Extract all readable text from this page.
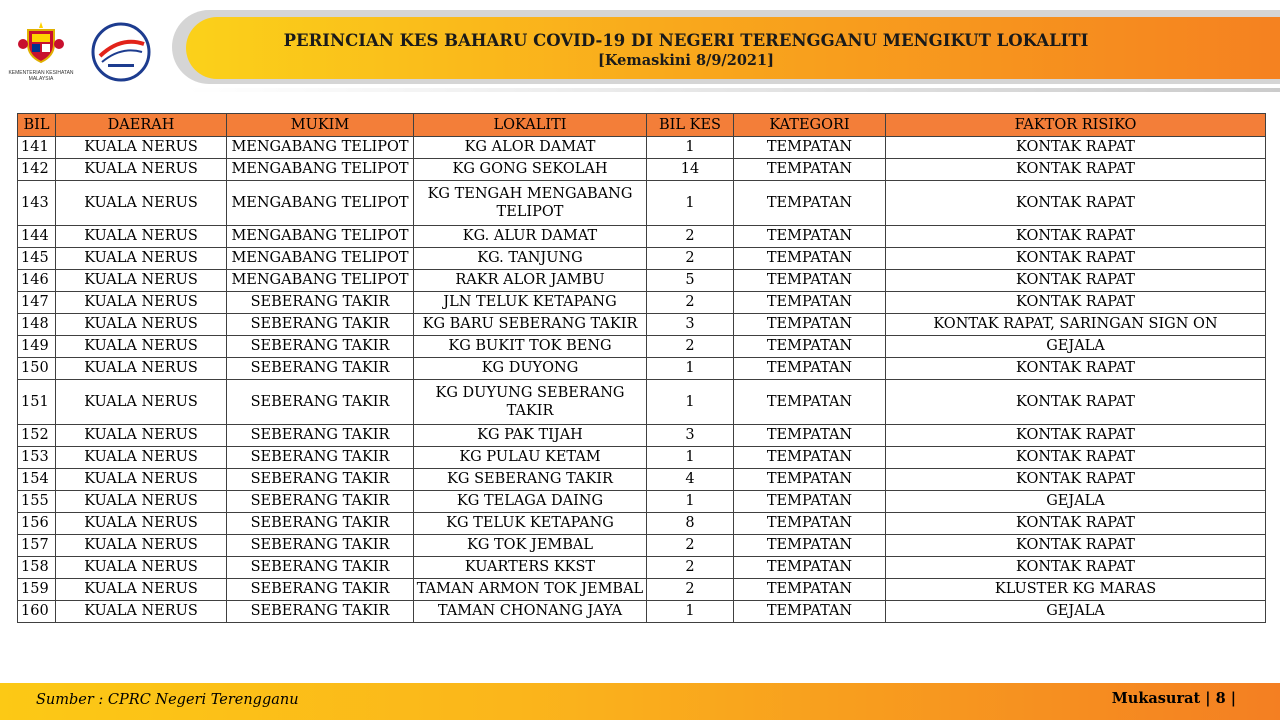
KEMENTERIAN KESIHATAN MALAYSIA
PERINCIAN KES BAHARU COVID-19 DI NEGERI TERENGGANU MENGIKUT LOKALITI
[Kemaskini 8/9/2021]
BIL	DAERAH	MUKIM	LOKALITI	BIL KES	KATEGORI	FAKTOR RISIKO
141	KUALA NERUS	MENGABANG TELIPOT	KG ALOR DAMAT	1	TEMPATAN	KONTAK RAPAT
142	KUALA NERUS	MENGABANG TELIPOT	KG GONG SEKOLAH	14	TEMPATAN	KONTAK RAPAT
143	KUALA NERUS	MENGABANG TELIPOT	KG TENGAH MENGABANG TELIPOT	1	TEMPATAN	KONTAK RAPAT
144	KUALA NERUS	MENGABANG TELIPOT	KG. ALUR DAMAT	2	TEMPATAN	KONTAK RAPAT
145	KUALA NERUS	MENGABANG TELIPOT	KG. TANJUNG	2	TEMPATAN	KONTAK RAPAT
146	KUALA NERUS	MENGABANG TELIPOT	RAKR ALOR JAMBU	5	TEMPATAN	KONTAK RAPAT
147	KUALA NERUS	SEBERANG TAKIR	JLN TELUK KETAPANG	2	TEMPATAN	KONTAK RAPAT
148	KUALA NERUS	SEBERANG TAKIR	KG BARU SEBERANG TAKIR	3	TEMPATAN	KONTAK RAPAT, SARINGAN SIGN ON
149	KUALA NERUS	SEBERANG TAKIR	KG BUKIT TOK BENG	2	TEMPATAN	GEJALA
150	KUALA NERUS	SEBERANG TAKIR	KG DUYONG	1	TEMPATAN	KONTAK RAPAT
151	KUALA NERUS	SEBERANG TAKIR	KG DUYUNG SEBERANG TAKIR	1	TEMPATAN	KONTAK RAPAT
152	KUALA NERUS	SEBERANG TAKIR	KG PAK TIJAH	3	TEMPATAN	KONTAK RAPAT
153	KUALA NERUS	SEBERANG TAKIR	KG PULAU KETAM	1	TEMPATAN	KONTAK RAPAT
154	KUALA NERUS	SEBERANG TAKIR	KG SEBERANG TAKIR	4	TEMPATAN	KONTAK RAPAT
155	KUALA NERUS	SEBERANG TAKIR	KG TELAGA DAING	1	TEMPATAN	GEJALA
156	KUALA NERUS	SEBERANG TAKIR	KG TELUK KETAPANG	8	TEMPATAN	KONTAK RAPAT
157	KUALA NERUS	SEBERANG TAKIR	KG TOK JEMBAL	2	TEMPATAN	KONTAK RAPAT
158	KUALA NERUS	SEBERANG TAKIR	KUARTERS KKST	2	TEMPATAN	KONTAK RAPAT
159	KUALA NERUS	SEBERANG TAKIR	TAMAN ARMON TOK JEMBAL	2	TEMPATAN	KLUSTER KG MARAS
160	KUALA NERUS	SEBERANG TAKIR	TAMAN CHONANG JAYA	1	TEMPATAN	GEJALA
Sumber : CPRC Negeri Terengganu	Mukasurat | 8 |
